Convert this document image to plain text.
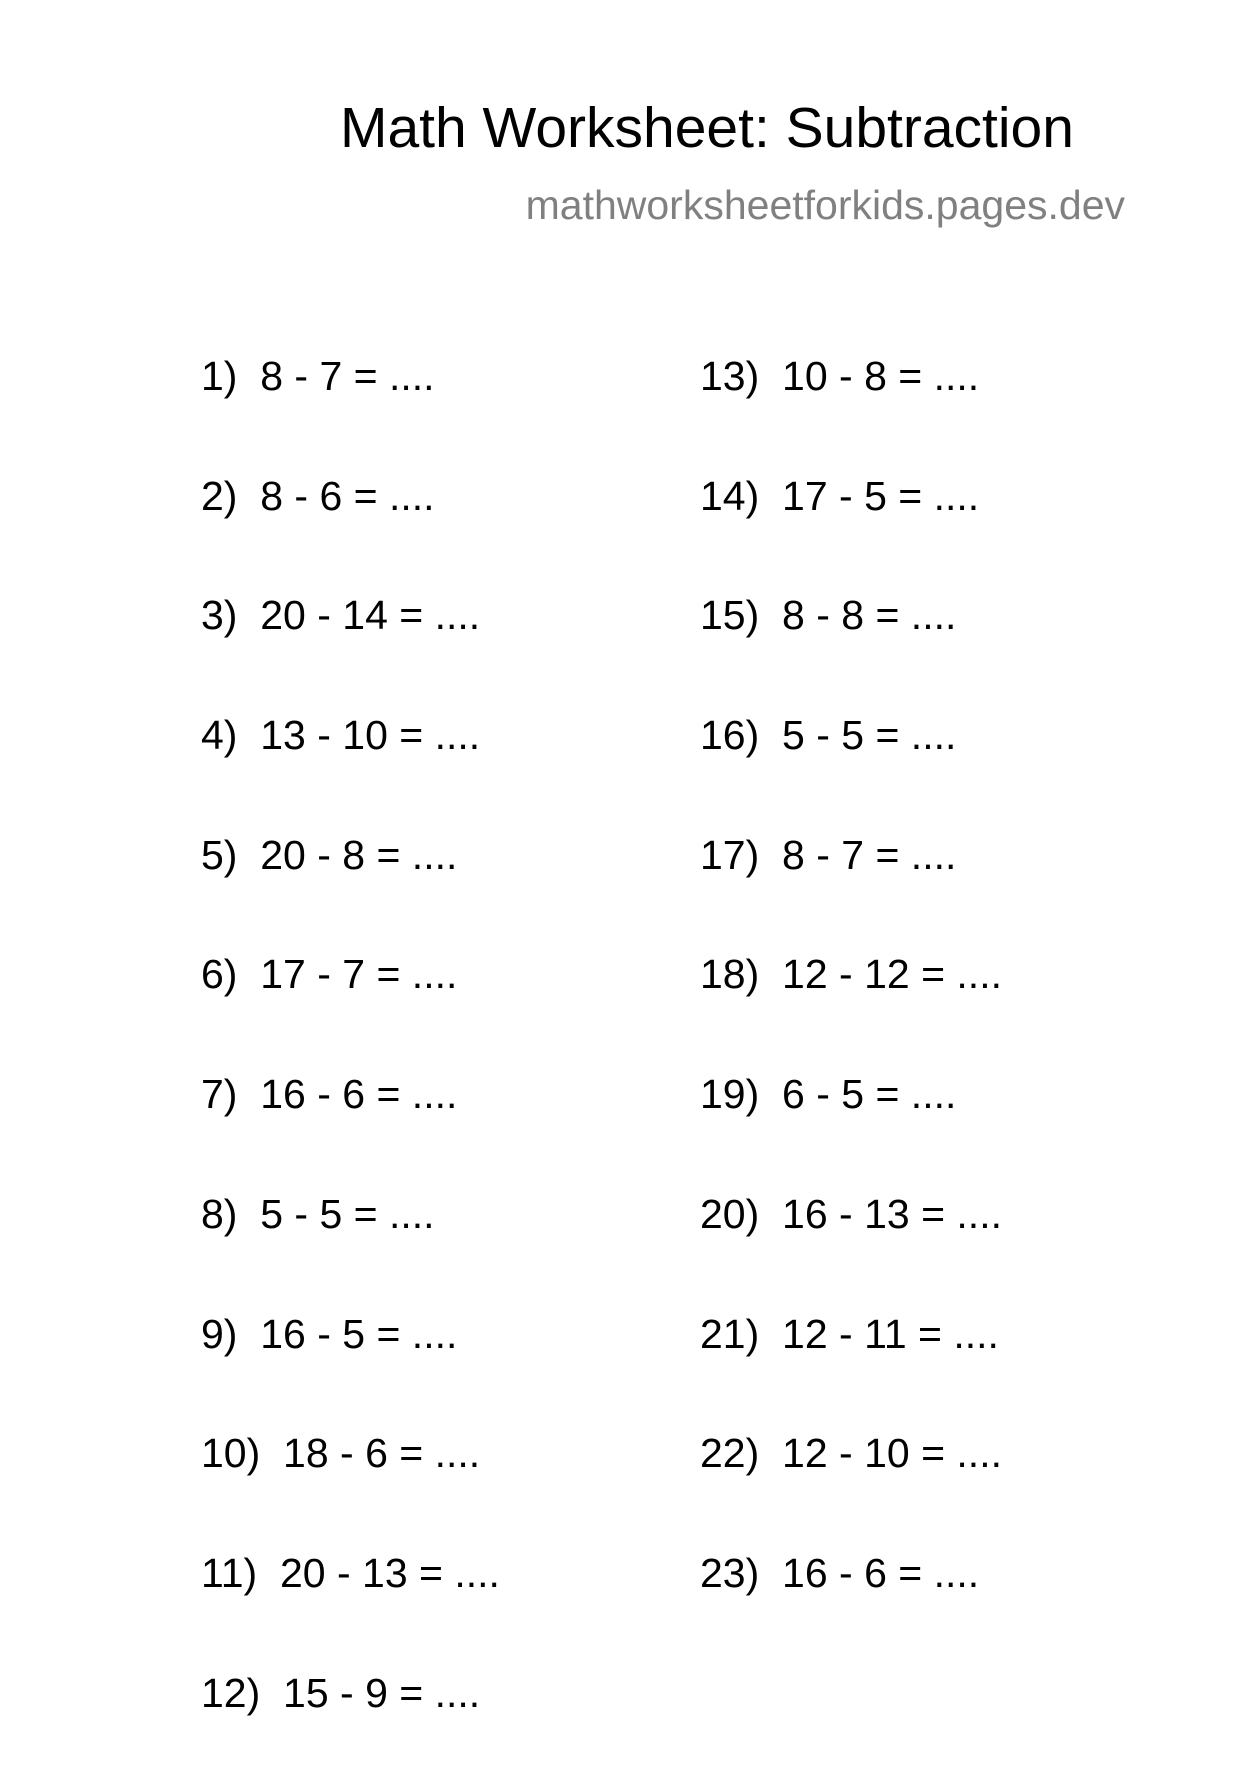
Math Worksheet: Subtraction
mathworksheetforkids.pages.dev
1)  8 - 7 = ....
2)  8 - 6 = ....
3)  20 - 14 = ....
4)  13 - 10 = ....
5)  20 - 8 = ....
6)  17 - 7 = ....
7)  16 - 6 = ....
8)  5 - 5 = ....
9)  16 - 5 = ....
10)  18 - 6 = ....
11)  20 - 13 = ....
12)  15 - 9 = ....
13)  10 - 8 = ....
14)  17 - 5 = ....
15)  8 - 8 = ....
16)  5 - 5 = ....
17)  8 - 7 = ....
18)  12 - 12 = ....
19)  6 - 5 = ....
20)  16 - 13 = ....
21)  12 - 11 = ....
22)  12 - 10 = ....
23)  16 - 6 = ....
